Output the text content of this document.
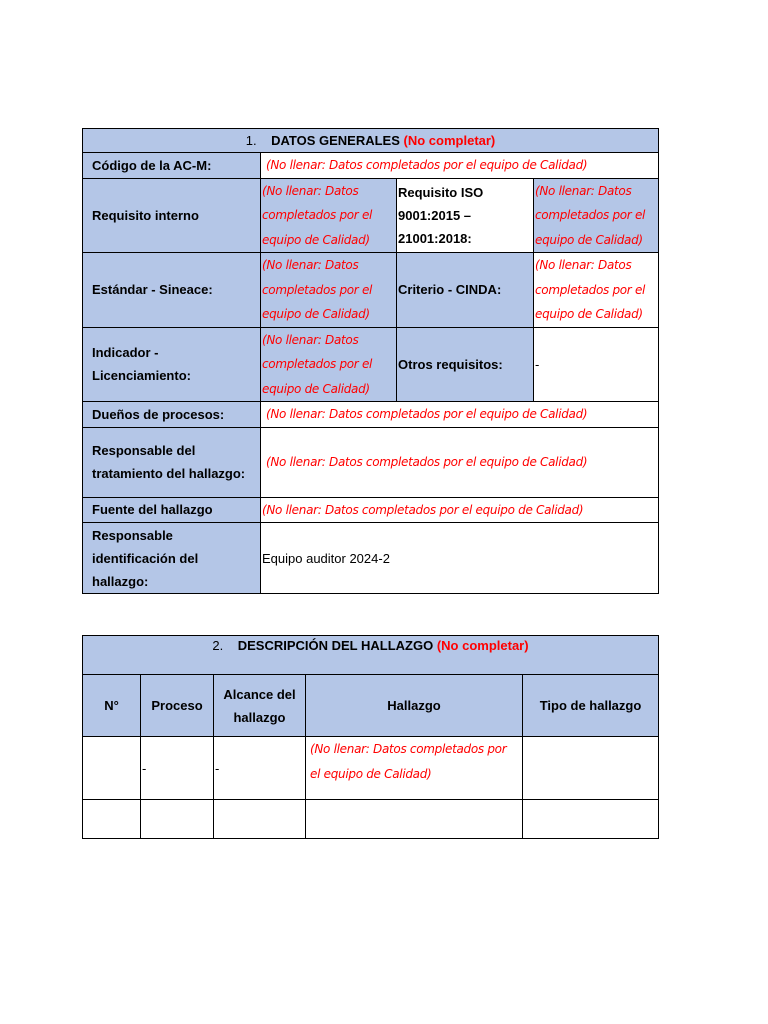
1. DATOS GENERALES (No completar)			
Código de la AC-M:	(No llenar: Datos completados por el equipo de Calidad)		
Requisito interno	(No llenar: Datos completados por el equipo de Calidad)	Requisito ISO 9001:2015 – 21001:2018:	(No llenar: Datos completados por el equipo de Calidad)
Estándar - Sineace:	(No llenar: Datos completados por el equipo de Calidad)	Criterio - CINDA:	(No llenar: Datos completados por el equipo de Calidad)
Indicador - Licenciamiento:	(No llenar: Datos completados por el equipo de Calidad)	Otros requisitos:	-
Dueños de procesos:	(No llenar: Datos completados por el equipo de Calidad)		
Responsable del tratamiento del hallazgo:	(No llenar: Datos completados por el equipo de Calidad)		
Fuente del hallazgo	(No llenar: Datos completados por el equipo de Calidad)		
Responsable identificación del hallazgo:	Equipo auditor 2024-2		
2. DESCRIPCIÓN DEL HALLAZGO (No completar)				
N°	Proceso	Alcance del hallazgo	Hallazgo	Tipo de hallazgo
	-	-	(No llenar: Datos completados por el equipo de Calidad)	
